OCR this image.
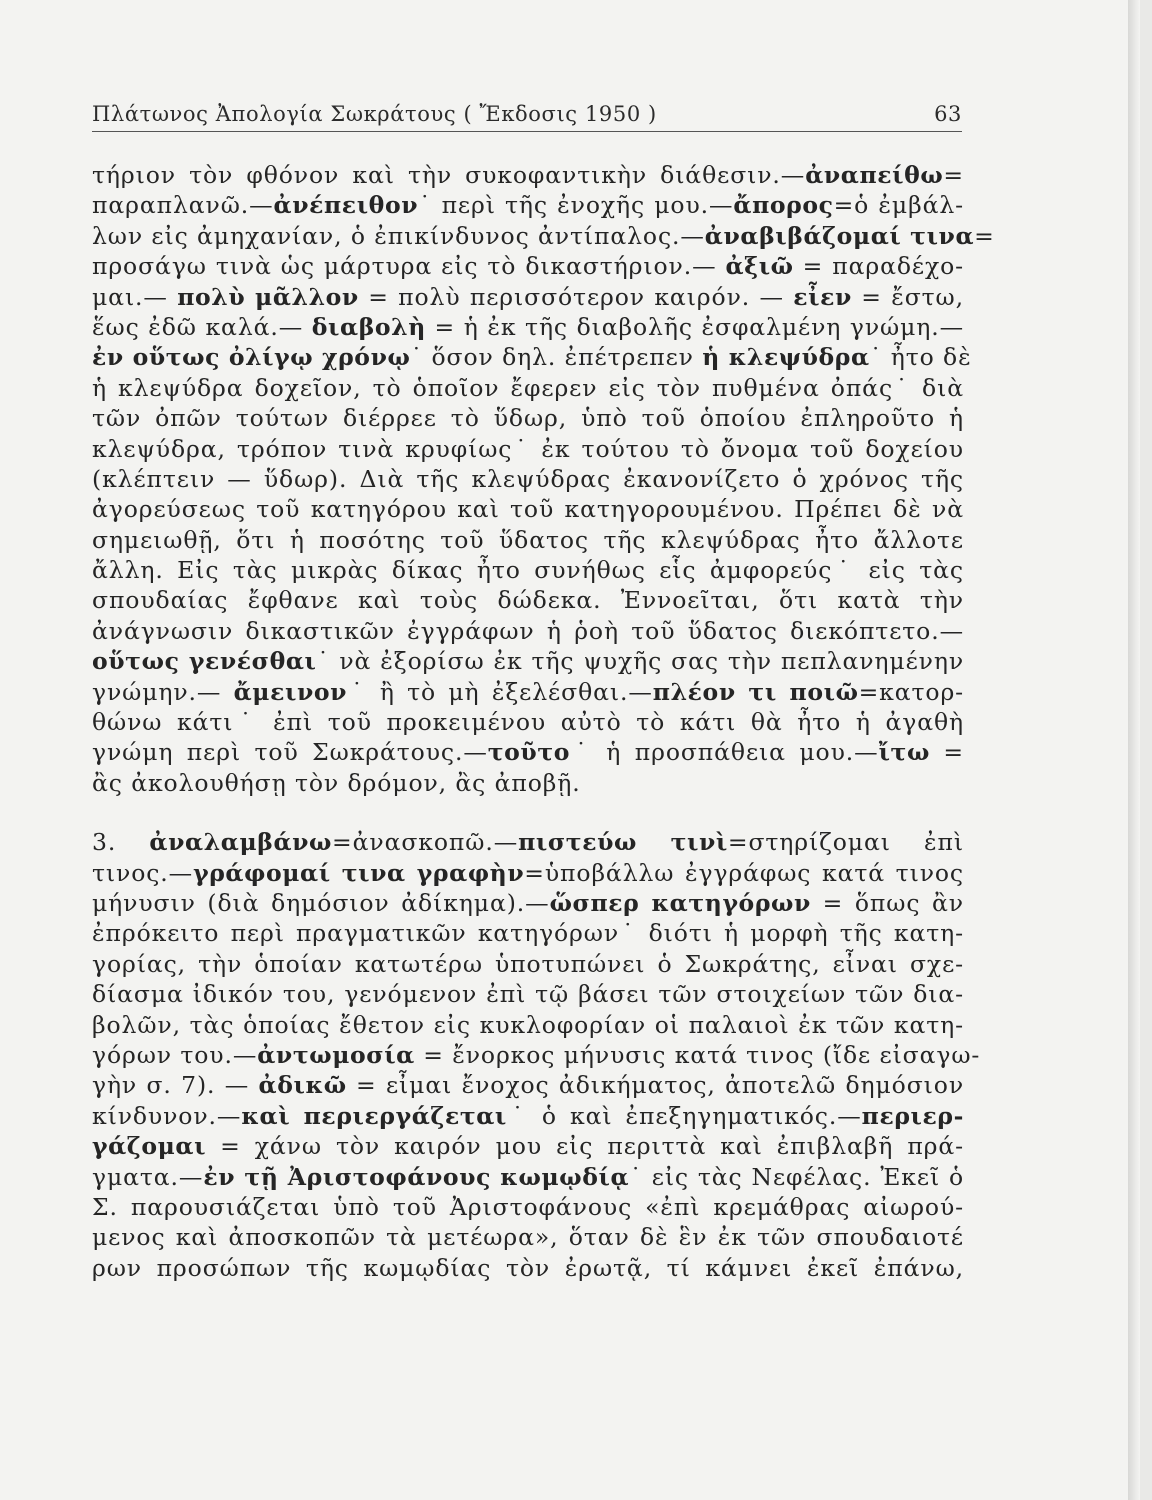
Πλάτωνος Ἀπολογία Σωκράτους ( Ἔκδοσις 1950 )	63
τήριον τὸν φθόνον καὶ τὴν συκοφαντικὴν διάθεσιν.—ἀναπείθω=
παραπλανῶ.—ἀνέπειθον˙ περὶ τῆς ἐνοχῆς μου.—ἄπορος=ὁ ἐμβάλ-
λων εἰς ἀμηχανίαν, ὁ ἐπικίνδυνος ἀντίπαλος.—ἀναβιβάζομαί τινα=
προσάγω τινὰ ὡς μάρτυρα εἰς τὸ δικαστήριον.— ἀξιῶ = παραδέχο-
μαι.— πολὺ μᾶλλον = πολὺ περισσότερον καιρόν. — εἶεν = ἔστω,
ἕως ἐδῶ καλά.— διαβολὴ = ἡ ἐκ τῆς διαβολῆς ἐσφαλμένη γνώμη.—
ἐν οὕτως ὀλίγῳ χρόνῳ˙ ὅσον δηλ. ἐπέτρεπεν ἡ κλεψύδρα˙ ἦτο δὲ
ἡ κλεψύδρα δοχεῖον, τὸ ὁποῖον ἔφερεν εἰς τὸν πυθμένα ὀπάς˙ διὰ
τῶν ὀπῶν τούτων διέρρεε τὸ ὕδωρ, ὑπὸ τοῦ ὁποίου ἐπληροῦτο ἡ
κλεψύδρα, τρόπον τινὰ κρυφίως˙ ἐκ τούτου τὸ ὄνομα τοῦ δοχείου
(κλέπτειν — ὕδωρ). Διὰ τῆς κλεψύδρας ἐκανονίζετο ὁ χρόνος τῆς
ἀγορεύσεως τοῦ κατηγόρου καὶ τοῦ κατηγορουμένου. Πρέπει δὲ νὰ
σημειωθῇ, ὅτι ἡ ποσότης τοῦ ὕδατος τῆς κλεψύδρας ἦτο ἄλλοτε
ἄλλη. Εἰς τὰς μικρὰς δίκας ἦτο συνήθως εἷς ἀμφορεύς˙ εἰς τὰς
σπουδαίας ἔφθανε καὶ τοὺς δώδεκα. Ἐννοεῖται, ὅτι κατὰ τὴν
ἀνάγνωσιν δικαστικῶν ἐγγράφων ἡ ῥοὴ τοῦ ὕδατος διεκόπτετο.—
οὕτως γενέσθαι˙ νὰ ἐξορίσω ἐκ τῆς ψυχῆς σας τὴν πεπλανημένην
γνώμην.— ἄμεινον˙ ἢ τὸ μὴ ἐξελέσθαι.—πλέον τι ποιῶ=κατορ-
θώνω κάτι˙ ἐπὶ τοῦ προκειμένου αὐτὸ τὸ κάτι θὰ ἦτο ἡ ἀγαθὴ
γνώμη περὶ τοῦ Σωκράτους.—τοῦτο˙ ἡ προσπάθεια μου.—ἴτω =
ἂς ἀκολουθήσῃ τὸν δρόμον, ἂς ἀποβῇ.
3. ἀναλαμβάνω=ἀνασκοπῶ.—πιστεύω τινὶ=στηρίζομαι ἐπὶ
τινος.—γράφομαί τινα γραφὴν=ὑποβάλλω ἐγγράφως κατά τινος
μήνυσιν (διὰ δημόσιον ἀδίκημα).—ὥσπερ κατηγόρων = ὅπως ἂν
ἐπρόκειτο περὶ πραγματικῶν κατηγόρων˙ διότι ἡ μορφὴ τῆς κατη-
γορίας, τὴν ὁποίαν κατωτέρω ὑποτυπώνει ὁ Σωκράτης, εἶναι σχε-
δίασμα ἰδικόν του, γενόμενον ἐπὶ τῷ βάσει τῶν στοιχείων τῶν δια-
βολῶν, τὰς ὁποίας ἔθετον εἰς κυκλοφορίαν οἱ παλαιοὶ ἐκ τῶν κατη-
γόρων του.—ἀντωμοσία = ἔνορκος μήνυσις κατά τινος (ἴδε εἰσαγω-
γὴν σ. 7). — ἀδικῶ = εἶμαι ἔνοχος ἀδικήματος, ἀποτελῶ δημόσιον
κίνδυνον.—καὶ περιεργάζεται˙ ὁ καὶ ἐπεξηγηματικός.—περιερ-
γάζομαι = χάνω τὸν καιρόν μου εἰς περιττὰ καὶ ἐπιβλαβῆ πρά-
γματα.—ἐν τῇ Ἀριστοφάνους κωμῳδίᾳ˙ εἰς τὰς Νεφέλας. Ἐκεῖ ὁ
Σ. παρουσιάζεται ὑπὸ τοῦ Ἀριστοφάνους «ἐπὶ κρεμάθρας αἰωρού-
μενος καὶ ἀποσκοπῶν τὰ μετέωρα», ὅταν δὲ ἓν ἐκ τῶν σπουδαιοτέ
ρων προσώπων τῆς κωμῳδίας τὸν ἐρωτᾷ, τί κάμνει ἐκεῖ ἐπάνω,
